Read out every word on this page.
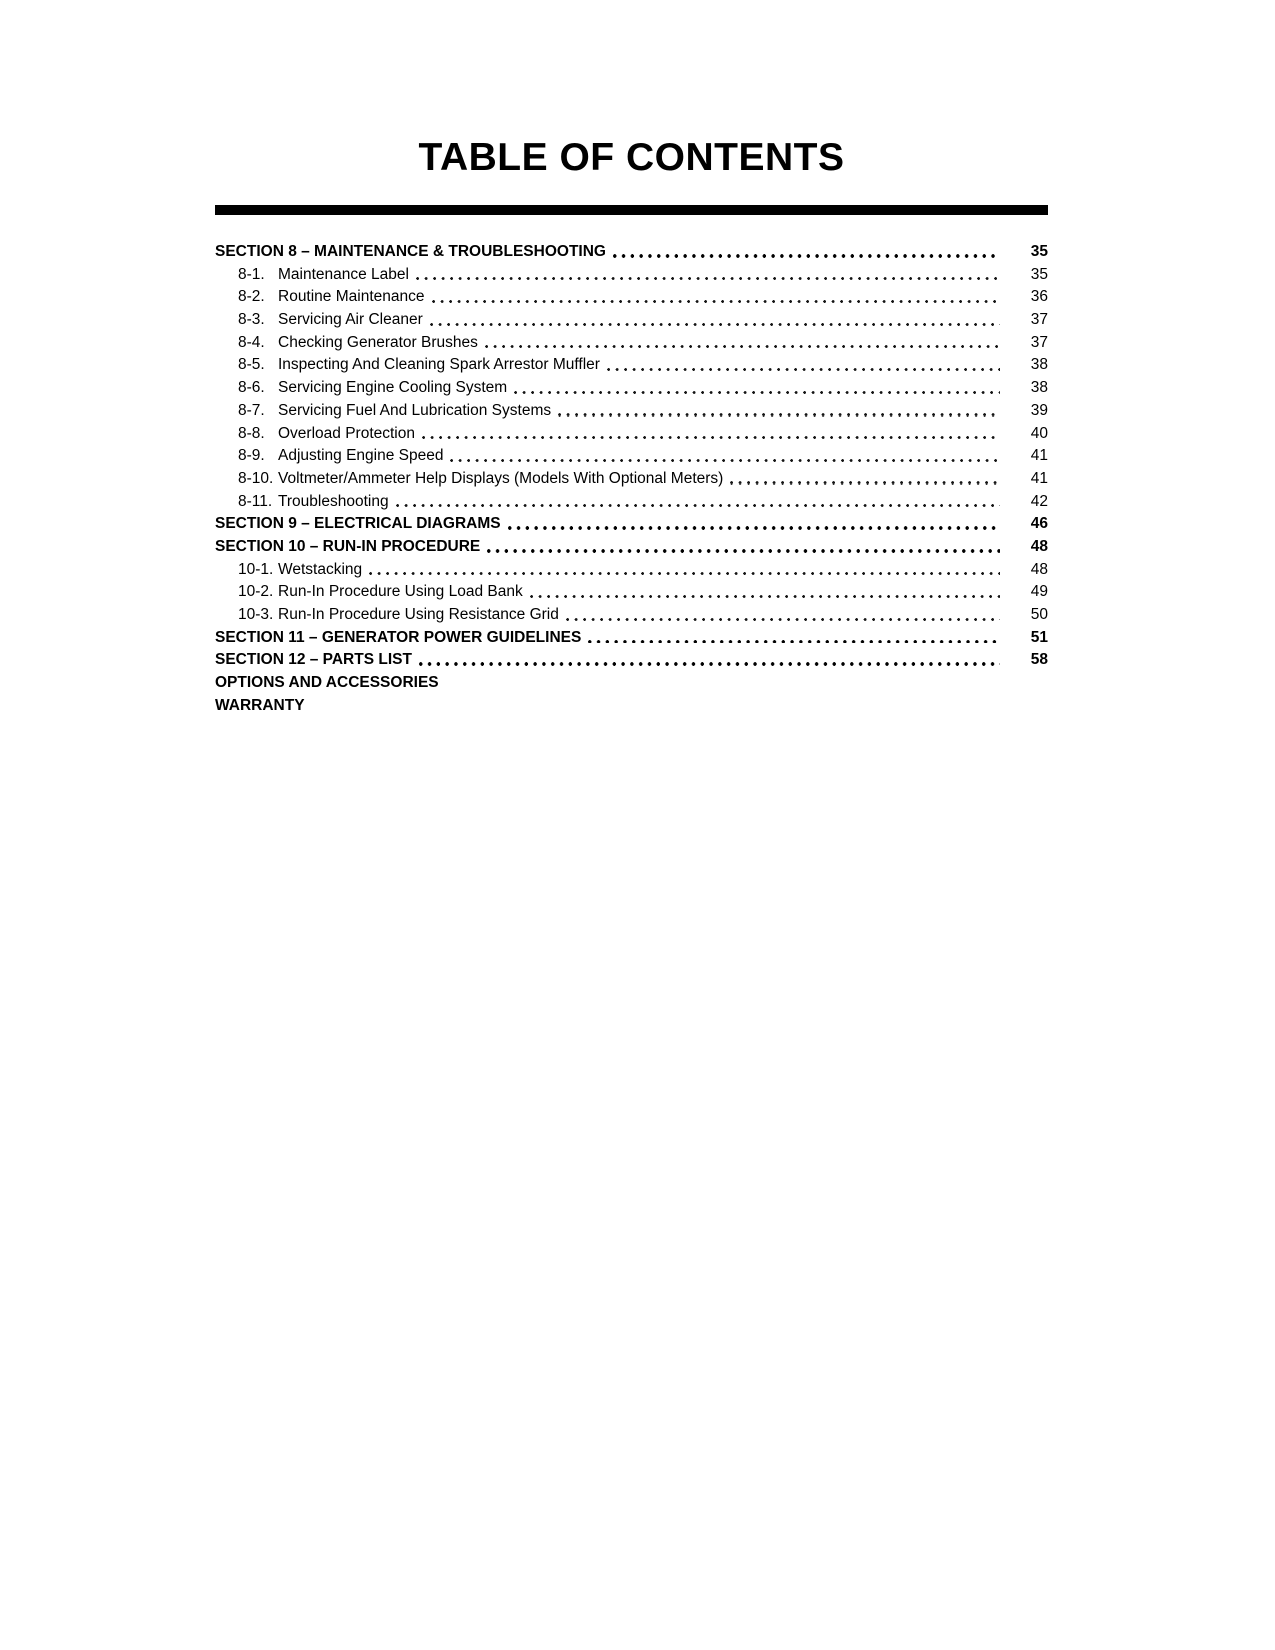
TABLE OF CONTENTS
SECTION 8 – MAINTENANCE & TROUBLESHOOTING	35
8-1. Maintenance Label	35
8-2. Routine Maintenance	36
8-3. Servicing Air Cleaner	37
8-4. Checking Generator Brushes	37
8-5. Inspecting And Cleaning Spark Arrestor Muffler	38
8-6. Servicing Engine Cooling System	38
8-7. Servicing Fuel And Lubrication Systems	39
8-8. Overload Protection	40
8-9. Adjusting Engine Speed	41
8-10. Voltmeter/Ammeter Help Displays (Models With Optional Meters)	41
8-11. Troubleshooting	42
SECTION 9 – ELECTRICAL DIAGRAMS	46
SECTION 10 – RUN-IN PROCEDURE	48
10-1. Wetstacking	48
10-2. Run-In Procedure Using Load Bank	49
10-3. Run-In Procedure Using Resistance Grid	50
SECTION 11 – GENERATOR POWER GUIDELINES	51
SECTION 12 – PARTS LIST	58
OPTIONS AND ACCESSORIES
WARRANTY
